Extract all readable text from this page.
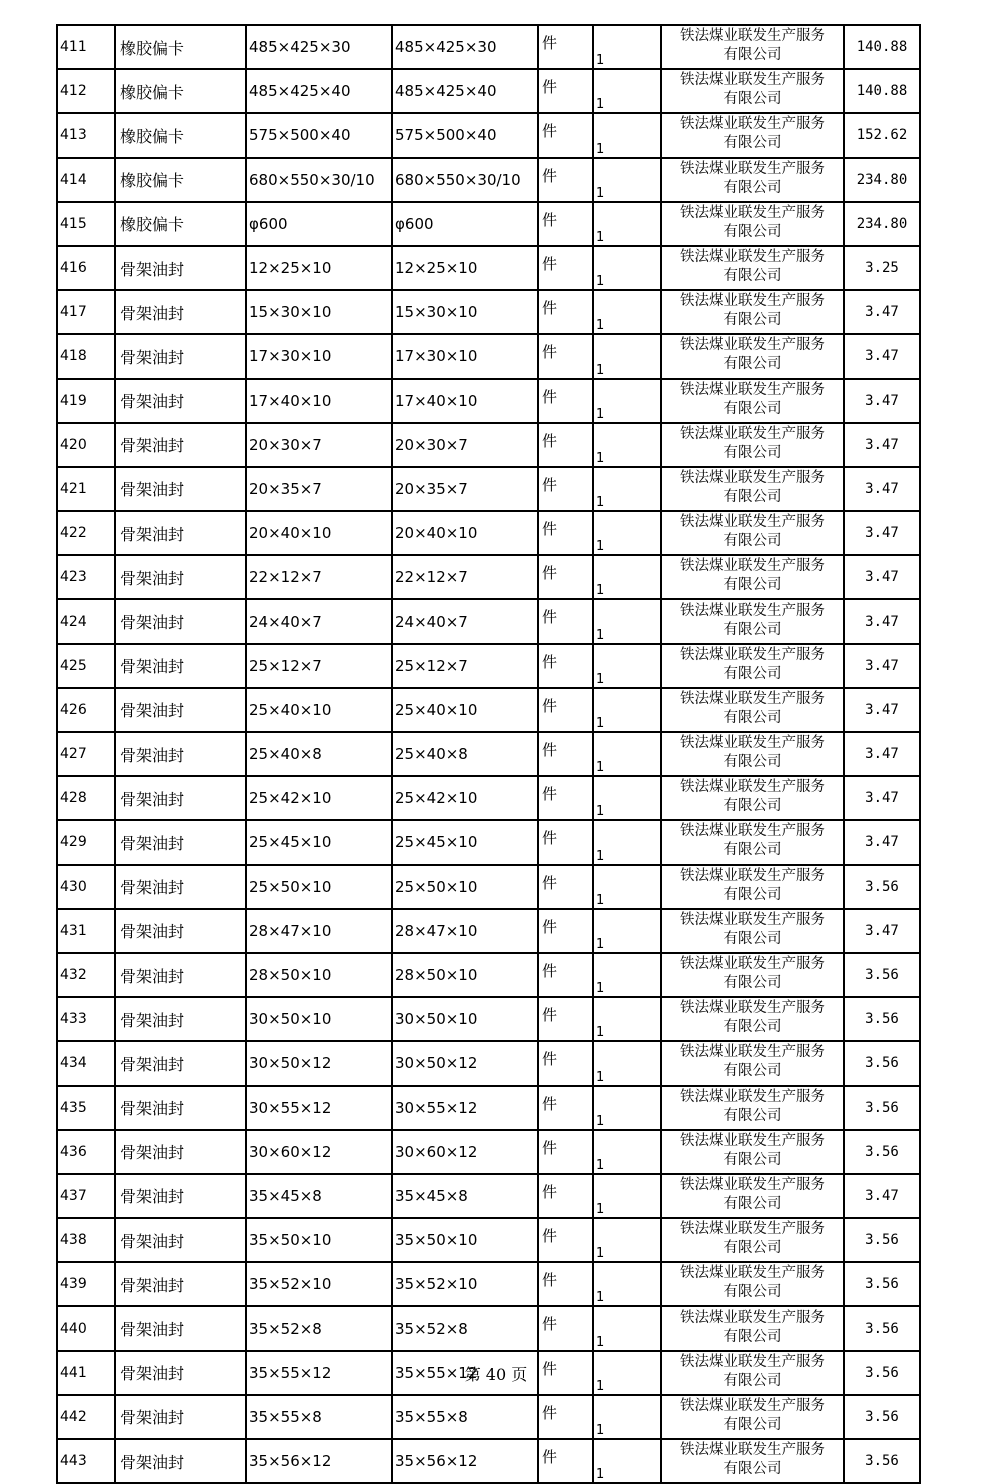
411	橡胶偏卡	485×425×30	485×425×30	件	1	铁法煤业联发生产服务
有限公司	140.88
412	橡胶偏卡	485×425×40	485×425×40	件	1	铁法煤业联发生产服务
有限公司	140.88
413	橡胶偏卡	575×500×40	575×500×40	件	1	铁法煤业联发生产服务
有限公司	152.62
414	橡胶偏卡	680×550×30/10	680×550×30/10	件	1	铁法煤业联发生产服务
有限公司	234.80
415	橡胶偏卡	φ600	φ600	件	1	铁法煤业联发生产服务
有限公司	234.80
416	骨架油封	12×25×10	12×25×10	件	1	铁法煤业联发生产服务
有限公司	3.25
417	骨架油封	15×30×10	15×30×10	件	1	铁法煤业联发生产服务
有限公司	3.47
418	骨架油封	17×30×10	17×30×10	件	1	铁法煤业联发生产服务
有限公司	3.47
419	骨架油封	17×40×10	17×40×10	件	1	铁法煤业联发生产服务
有限公司	3.47
420	骨架油封	20×30×7	20×30×7	件	1	铁法煤业联发生产服务
有限公司	3.47
421	骨架油封	20×35×7	20×35×7	件	1	铁法煤业联发生产服务
有限公司	3.47
422	骨架油封	20×40×10	20×40×10	件	1	铁法煤业联发生产服务
有限公司	3.47
423	骨架油封	22×12×7	22×12×7	件	1	铁法煤业联发生产服务
有限公司	3.47
424	骨架油封	24×40×7	24×40×7	件	1	铁法煤业联发生产服务
有限公司	3.47
425	骨架油封	25×12×7	25×12×7	件	1	铁法煤业联发生产服务
有限公司	3.47
426	骨架油封	25×40×10	25×40×10	件	1	铁法煤业联发生产服务
有限公司	3.47
427	骨架油封	25×40×8	25×40×8	件	1	铁法煤业联发生产服务
有限公司	3.47
428	骨架油封	25×42×10	25×42×10	件	1	铁法煤业联发生产服务
有限公司	3.47
429	骨架油封	25×45×10	25×45×10	件	1	铁法煤业联发生产服务
有限公司	3.47
430	骨架油封	25×50×10	25×50×10	件	1	铁法煤业联发生产服务
有限公司	3.56
431	骨架油封	28×47×10	28×47×10	件	1	铁法煤业联发生产服务
有限公司	3.47
432	骨架油封	28×50×10	28×50×10	件	1	铁法煤业联发生产服务
有限公司	3.56
433	骨架油封	30×50×10	30×50×10	件	1	铁法煤业联发生产服务
有限公司	3.56
434	骨架油封	30×50×12	30×50×12	件	1	铁法煤业联发生产服务
有限公司	3.56
435	骨架油封	30×55×12	30×55×12	件	1	铁法煤业联发生产服务
有限公司	3.56
436	骨架油封	30×60×12	30×60×12	件	1	铁法煤业联发生产服务
有限公司	3.56
437	骨架油封	35×45×8	35×45×8	件	1	铁法煤业联发生产服务
有限公司	3.47
438	骨架油封	35×50×10	35×50×10	件	1	铁法煤业联发生产服务
有限公司	3.56
439	骨架油封	35×52×10	35×52×10	件	1	铁法煤业联发生产服务
有限公司	3.56
440	骨架油封	35×52×8	35×52×8	件	1	铁法煤业联发生产服务
有限公司	3.56
441	骨架油封	35×55×12	35×55×12	件	1	铁法煤业联发生产服务
有限公司	3.56
442	骨架油封	35×55×8	35×55×8	件	1	铁法煤业联发生产服务
有限公司	3.56
443	骨架油封	35×56×12	35×56×12	件	1	铁法煤业联发生产服务
有限公司	3.56
第 40 页
